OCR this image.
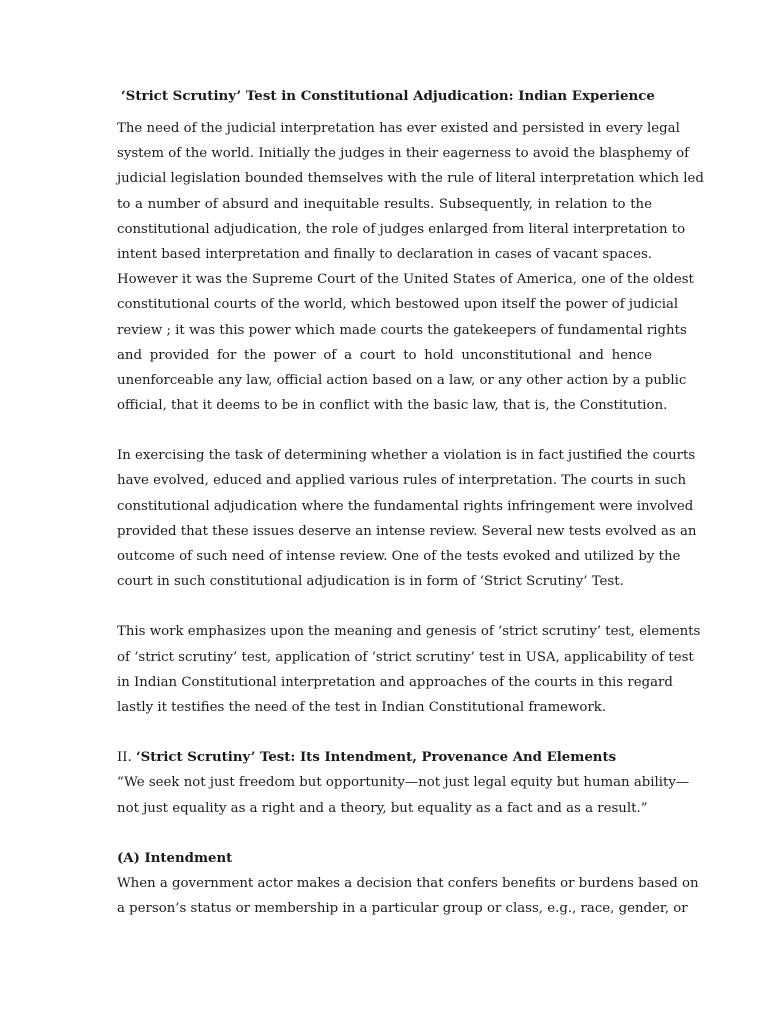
‘Strict Scrutiny’ Test in Constitutional Adjudication: Indian Experience
The need of the judicial interpretation has ever existed and persisted in every legal
system of the world. Initially the judges in their eagerness to avoid the blasphemy of
judicial legislation bounded themselves with the rule of literal interpretation which led
to a number of absurd and inequitable results. Subsequently, in relation to the
constitutional adjudication, the role of judges enlarged from literal interpretation to
intent based interpretation and finally to declaration in cases of vacant spaces.
However it was the Supreme Court of the United States of America, one of the oldest
constitutional courts of the world, which bestowed upon itself the power of judicial
review ; it was this power which made courts the gatekeepers of fundamental rights
and provided for the power of a court to hold unconstitutional and hence
unenforceable any law, official action based on a law, or any other action by a public
official, that it deems to be in conflict with the basic law, that is, the Constitution.
In exercising the task of determining whether a violation is in fact justified the courts
have evolved, educed and applied various rules of interpretation. The courts in such
constitutional adjudication where the fundamental rights infringement were involved
provided that these issues deserve an intense review. Several new tests evolved as an
outcome of such need of intense review. One of the tests evoked and utilized by the
court in such constitutional adjudication is in form of ‘Strict Scrutiny’ Test.
This work emphasizes upon the meaning and genesis of ‘strict scrutiny’ test, elements
of ‘strict scrutiny’ test, application of ‘strict scrutiny’ test in USA, applicability of test
in Indian Constitutional interpretation and approaches of the courts in this regard
lastly it testifies the need of the test in Indian Constitutional framework.
II. ‘Strict Scrutiny’ Test: Its Intendment, Provenance And Elements
“We seek not just freedom but opportunity—not just legal equity but human ability—
not just equality as a right and a theory, but equality as a fact and as a result.”
(A) Intendment
When a government actor makes a decision that confers benefits or burdens based on
a person’s status or membership in a particular group or class, e.g., race, gender, or
